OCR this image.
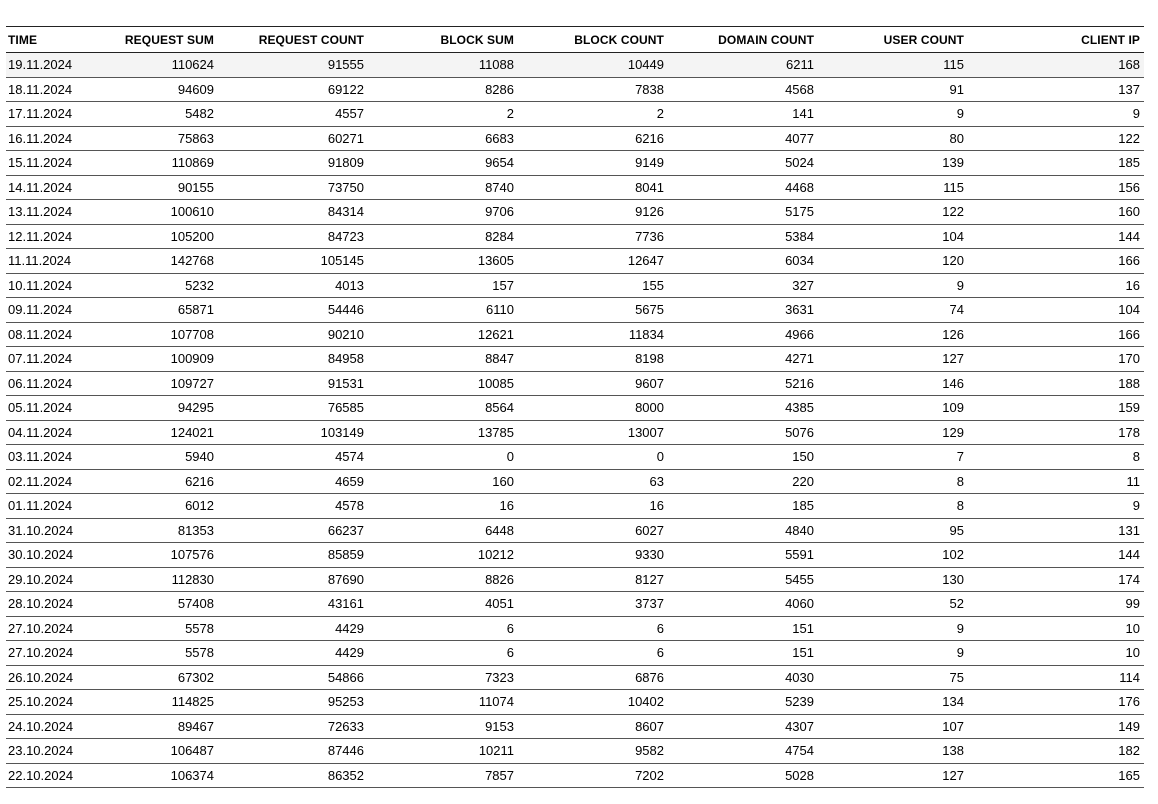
TIME	REQUEST SUM	REQUEST COUNT	BLOCK SUM	BLOCK COUNT	DOMAIN COUNT	USER COUNT	CLIENT IP
19.11.2024	110624	91555	11088	10449	6211	115	168
18.11.2024	94609	69122	8286	7838	4568	91	137
17.11.2024	5482	4557	2	2	141	9	9
16.11.2024	75863	60271	6683	6216	4077	80	122
15.11.2024	110869	91809	9654	9149	5024	139	185
14.11.2024	90155	73750	8740	8041	4468	115	156
13.11.2024	100610	84314	9706	9126	5175	122	160
12.11.2024	105200	84723	8284	7736	5384	104	144
11.11.2024	142768	105145	13605	12647	6034	120	166
10.11.2024	5232	4013	157	155	327	9	16
09.11.2024	65871	54446	6110	5675	3631	74	104
08.11.2024	107708	90210	12621	11834	4966	126	166
07.11.2024	100909	84958	8847	8198	4271	127	170
06.11.2024	109727	91531	10085	9607	5216	146	188
05.11.2024	94295	76585	8564	8000	4385	109	159
04.11.2024	124021	103149	13785	13007	5076	129	178
03.11.2024	5940	4574	0	0	150	7	8
02.11.2024	6216	4659	160	63	220	8	11
01.11.2024	6012	4578	16	16	185	8	9
31.10.2024	81353	66237	6448	6027	4840	95	131
30.10.2024	107576	85859	10212	9330	5591	102	144
29.10.2024	112830	87690	8826	8127	5455	130	174
28.10.2024	57408	43161	4051	3737	4060	52	99
27.10.2024	5578	4429	6	6	151	9	10
27.10.2024	5578	4429	6	6	151	9	10
26.10.2024	67302	54866	7323	6876	4030	75	114
25.10.2024	114825	95253	11074	10402	5239	134	176
24.10.2024	89467	72633	9153	8607	4307	107	149
23.10.2024	106487	87446	10211	9582	4754	138	182
22.10.2024	106374	86352	7857	7202	5028	127	165
